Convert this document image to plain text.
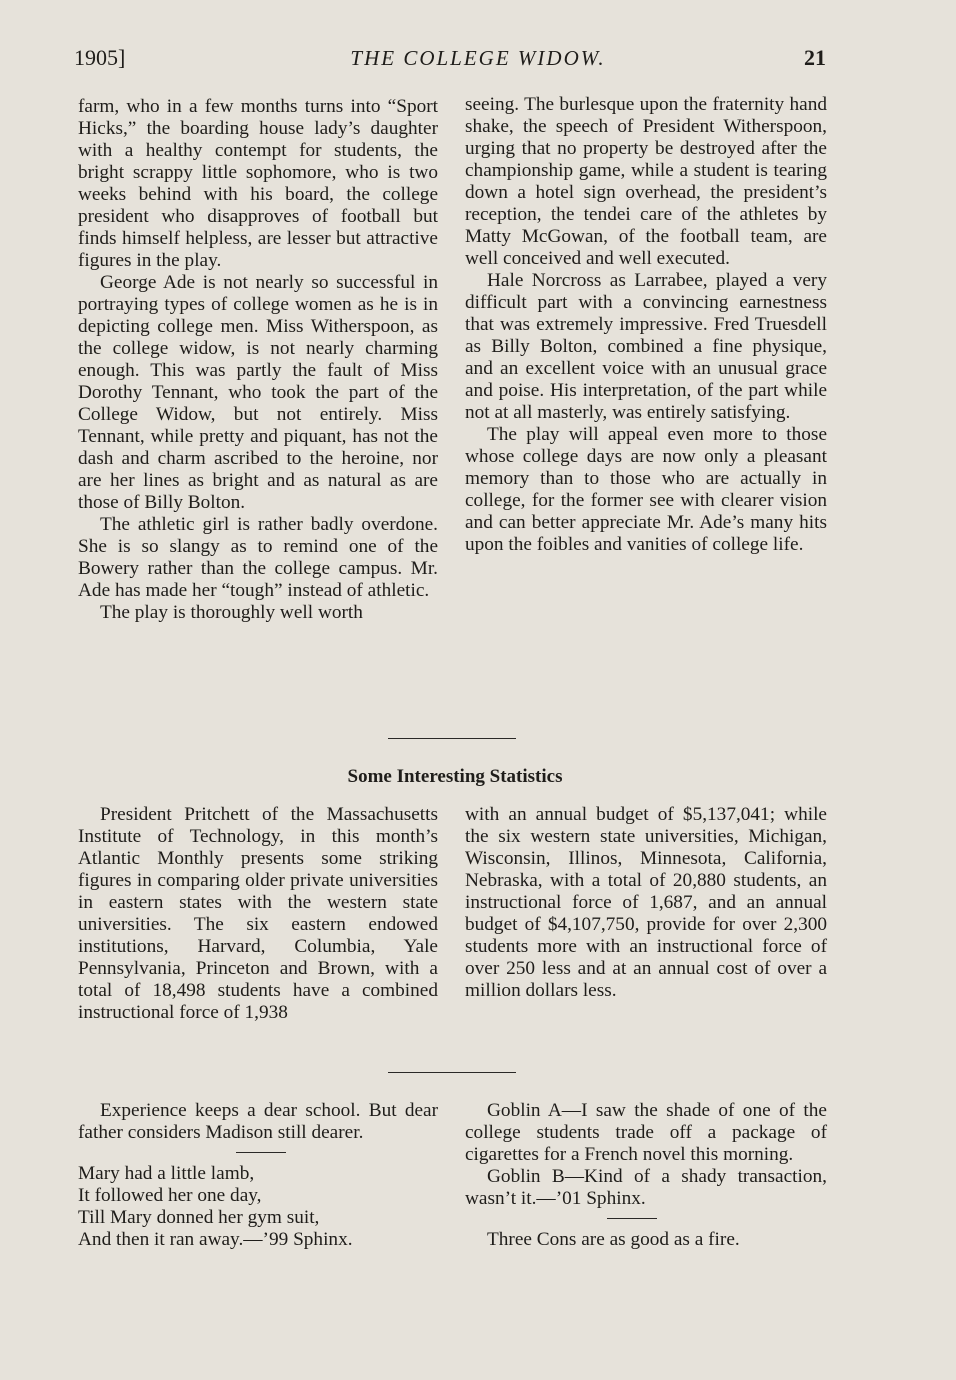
1905]	THE COLLEGE WIDOW.	21

farm, who in a few months turns into “Sport Hicks,” the boarding house lady’s daughter with a healthy contempt for students, the bright scrappy little sophomore, who is two weeks behind with his board, the college president who disapproves of football but finds himself helpless, are lesser but attractive figures in the play.

George Ade is not nearly so successful in portraying types of college women as he is in depicting college men. Miss Witherspoon, as the college widow, is not nearly charming enough. This was partly the fault of Miss Dorothy Tennant, who took the part of the College Widow, but not entirely. Miss Tennant, while pretty and piquant, has not the dash and charm ascribed to the heroine, nor are her lines as bright and as natural as are those of Billy Bolton.

The athletic girl is rather badly overdone. She is so slangy as to remind one of the Bowery rather than the college campus. Mr. Ade has made her “tough” instead of athletic.

The play is thoroughly well worth

seeing. The burlesque upon the fraternity hand shake, the speech of President Witherspoon, urging that no property be destroyed after the championship game, while a student is tearing down a hotel sign overhead, the president’s reception, the tendei care of the athletes by Matty McGowan, of the football team, are well conceived and well executed.

Hale Norcross as Larrabee, played a very difficult part with a convincing earnestness that was extremely impressive. Fred Truesdell as Billy Bolton, combined a fine physique, and an excellent voice with an unusual grace and poise. His interpretation, of the part while not at all masterly, was entirely satisfying.

The play will appeal even more to those whose college days are now only a pleasant memory than to those who are actually in college, for the former see with clearer vision and can better appreciate Mr. Ade’s many hits upon the foibles and vanities of college life.

Some Interesting Statistics

President Pritchett of the Massachusetts Institute of Technology, in this month’s Atlantic Monthly presents some striking figures in comparing older private universities in eastern states with the western state universities. The six eastern endowed institutions, Harvard, Columbia, Yale Pennsylvania, Princeton and Brown, with a total of 18,498 students have a combined instructional force of 1,938

with an annual budget of $5,137,041; while the six western state universities, Michigan, Wisconsin, Illinos, Minnesota, California, Nebraska, with a total of 20,880 students, an instructional force of 1,687, and an annual budget of $4,107,750, provide for over 2,300 students more with an instructional force of over 250 less and at an annual cost of over a million dollars less.

Experience keeps a dear school. But dear father considers Madison still dearer.

Mary had a little lamb,

It followed her one day,

Till Mary donned her gym suit,

And then it ran away.—’99 Sphinx.

Goblin A—I saw the shade of one of the college students trade off a package of cigarettes for a French novel this morning.

Goblin B—Kind of a shady transaction, wasn’t it.—’01 Sphinx.

Three Cons are as good as a fire.
